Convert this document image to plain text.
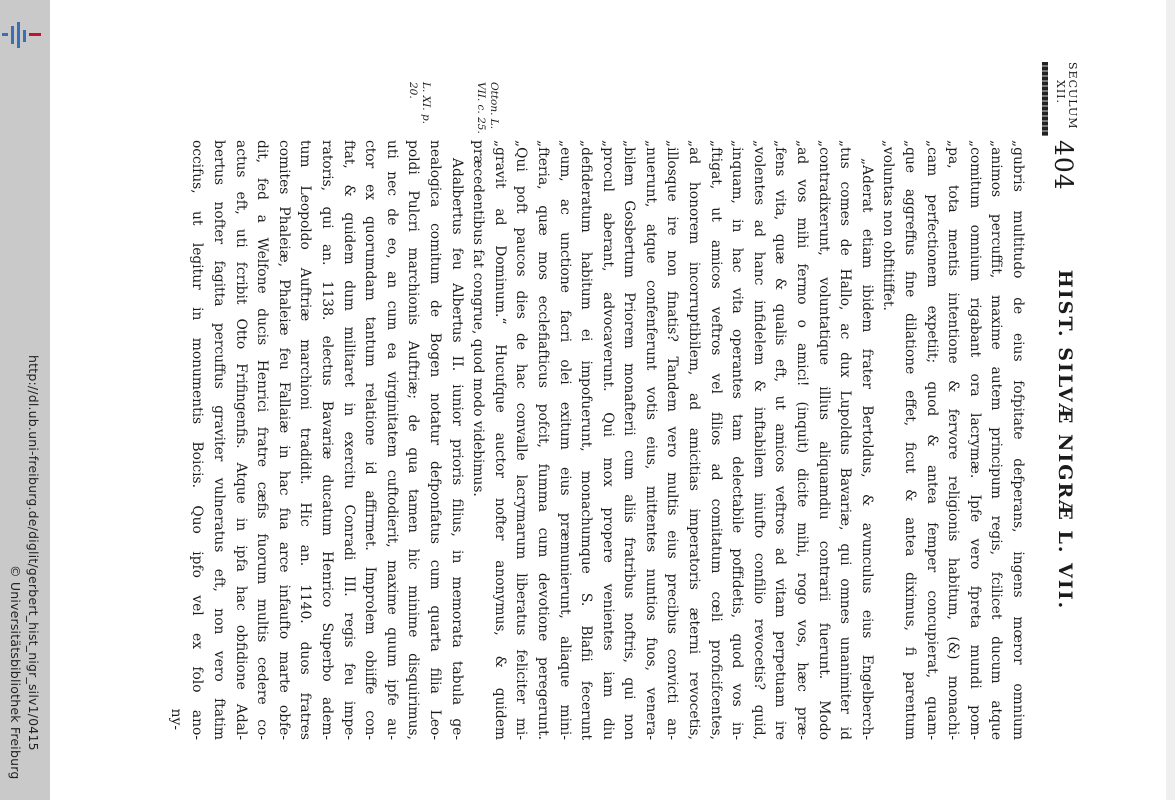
http://dl.ub.uni-freiburg.de/diglit/gerbert_hist_nigr_silv1/0415
© Universitätsbibliothek Freiburg
404
HIST. SILVÆ NIGRÆ L. VII.
SECULUM XII.
Otton. L. VII. c. 25.
L. XI. p. 20.
„gubris multitudo de eius fofpitate defperans, ingens mœror omnium
„animos percuffit, maxime autem principum regis, fcilicet ducum atque
„comitum omnium rigabant ora lacrymæ. Ipfe vero fpreta mundi pom-
„pa, tota mentis intentione & fervore religionis habitum, (&) monachi-
„cam perfectionem expetiit; quod & antea femper concupierat, quam-
„que aggreffus fine dilatione effet, ficut & antea diximus, fi parentum
„voluntas non obftitiffet.
„Aderat etiam ibidem frater Bertoldus, & avunculus eius Engelberch-
„tus comes de Hallo, ac dux Lupoldus Bavariæ, qui omnes unanimiter id
„contradixerunt, voluntatique illius aliquamdiu contrarii fuerunt. Modo
„ad vos mihi fermo o amici! (inquit) dicite mihi, rogo vos, hæc præ-
„fens vita, quæ & qualis eft, ut amicos veftros ad vitam perpetuam ire
„volentes ad hanc infidelem & inftabilem iniufto confilio revocetis? quid,
„inquam, in hac vita operantes tam delectabile poffidetis, quod vos in-
„ftigat, ut amicos veftros vel filios ad comitatum cœli proficifcentes,
„ad honorem incorruptibilem, ad amicitias imperatoris æterni revocetis,
„illosque ire non finatis? Tandem vero multis eius precibus convicti an-
„nuerunt, atque confenferunt votis eius, mittentes nuntios fuos, venera-
„bilem Gosbertum Priorem monafterii cum aliis fratribus noftris, qui non
„procul aberant, advocaverunt. Qui mox propere venientes iam diu
„defideratum habitum ei impofuerunt, monachumque S. Blafii fecerunt
„eum, ac unctione facri olei exitum eius præmunierunt, aliaque mini-
„fteria, quæ mos ecclefiafticus pofcit, fumma cum devotione peregerunt.
„Qui poft paucos dies de hac convalle lacrymarum liberatus feliciter mi-
„gravit ad Dominum.“ Hucufque auctor nofter anonymus, & quidem
præcedentibus fat congrue, quod modo videbimus.
Adalbertus feu Albertus II. iunior prioris filius, in memorata tabula ge-
nealogica comitum de Bogen notatur defponfatus cum quarta filia Leo-
poldi Pulcri marchionis Auftriæ; de qua tamen hic minime disquirimus,
uti nec de eo, an cum ea virginitatem cuftodierit, maxime quum ipfe au-
ctor ex quorumdam tantum relatione id affirmet. Improlem obiiffe con-
ftat, & quidem dum militaret in exercitu Conradi III. regis feu impe-
ratoris, qui an. 1138. electus Bavariæ ducatum Henrico Superbo adem-
tum Leopoldo Auftriæ marchioni tradidit. Hic an. 1140. duos fratres
comites Phaleiæ, Phaleiæ feu Fallaiæ in hac fua arce infaufto marte obfe-
dit, fed a Welfone ducis Henrici fratre cæfis fuorum multis cedere co-
actus eft, uti fcribit Otto Frifingenfis. Atque in ipfa hac obfidione Adal-
bertus nofter fagitta percuffus graviter vulneratus eft, non vero ftatim
occifus, ut legitur in monumentis Boicis. Quo ipfo vel ex folo ano-
ny-
